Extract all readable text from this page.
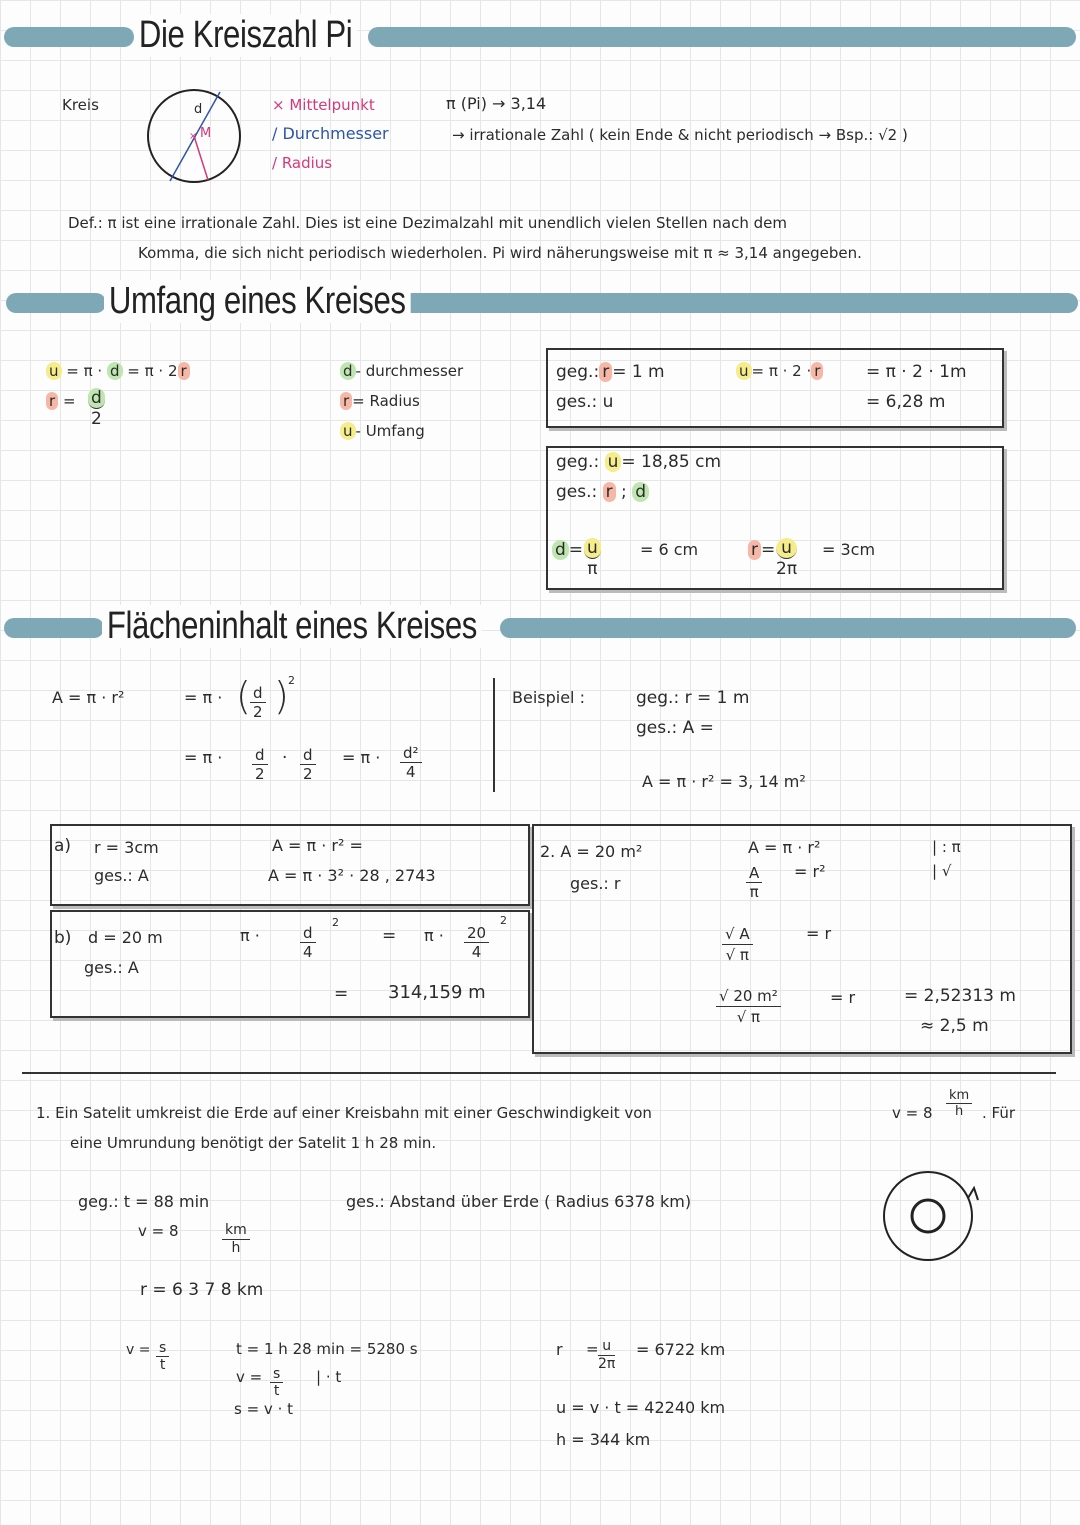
Die Kreiszahl Pi
Kreis
×
d
M
× Mittelpunkt
/ Durchmesser
/ Radius
π (Pi) → 3,14
→ irrationale Zahl ( kein Ende & nicht periodisch → Bsp.: √2 )
Def.: π ist eine irrationale Zahl. Dies ist eine Dezimalzahl mit unendlich vielen Stellen nach dem
Komma, die sich nicht periodisch wiederholen. Pi wird näherungsweise mit π ≈ 3,14 angegeben.
Umfang eines Kreises
u = π · d = π · 2 r
$r = \frac{d}{2}$
d - durchmesser
r = Radius
u - Umfang
geg.: r = 1 m
ges.: u
u = π · 2 · r	= π · 2 · 1m
= 6,28 m
geg.: u = 18,85 cm
ges.: r ; d
$d = \frac{u}{\pi} = 6$ cm	$r = \frac{u}{2\pi} = 3cm$
Flächeninhalt eines Kreises
A = π · r²	= π · ( $\frac{d}{2}$ ) 2
= $\pi \cdot \frac{d}{2} \cdot \frac{d}{2} = \pi \cdot \frac{\text{d²}}{4}$
Beispiel :	geg.: r = 1 m
ges.: A =
A = π · r² = 3, 14 m²
a) r = 3cm
ges.: A
A = π · r² =
A = π · 3² · 28 , 2743
b) d = 20 m
ges.: A
π ·	$\frac{d}{4}$
2
= $\pi \cdot \frac{20}{4}$
2
= 314,159 m
2. A = 20 m²
ges.: r
A = π · r²
$\frac{A}{\pi} = r^2$
| : π
| √
$\frac{√ A}{√ \pi}$	= r
$\frac{\text{√ 20 m²}}{√ \pi}$	= r	= 2,52313 m
≈ 2,5 m
1. Ein Satelit umkreist die Erde auf einer Kreisbahn mit einer Geschwindigkeit von	$v = 8 \frac{km}{h}$ . Für
eine Umrundung benötigt der Satelit 1 h 28 min.
geg.: t = 88 min
v = 8	$\frac{km}{h}$
ges.: Abstand über Erde ( Radius 6378 km)
r = 6 3 7 8 km
$v = \frac{s}{t}$	t = 1 h 28 min = 5280 s
$v = \frac{s}{t}$ | · t
s = v · t
$r = \frac{u}{2\pi} = 6722$ km
u = v · t = 42240 km
h = 344 km
